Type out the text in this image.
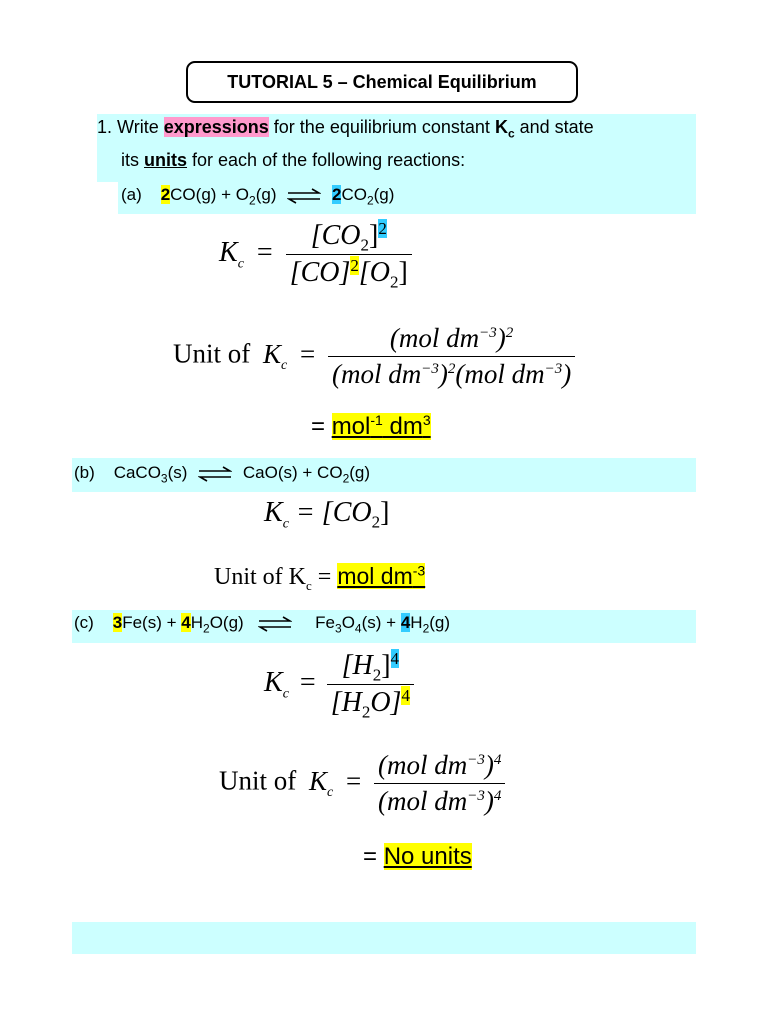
TUTORIAL 5 – Chemical Equilibrium
1. Write expressions for the equilibrium constant $K_c$ and state
its units for each of the following reactions:
(a) $2CO(g) + O_2(g)$	$2CO_2(g)$
$K_c = \frac{[CO_2]^2}{[CO]^2[O_2]}$
Unit of $K_c = \frac{(mol dm^{-3})^2}{(mol dm^{-3})^2(mol dm^{-3})}$
= mol$^{-1}$ $dm^3$
(b) CaCO$_3$(s)	$CaO(s) + CO_2(g)$
$K_c = [CO_2]$
Unit of $K_c$ = mol $dm^{-3}$
(c) $3Fe(s) + 4H_2O(g)$	$Fe_3O_4(s) + 4H_2(g)$
$K_c = \frac{[H_2]^4}{[H_2O]^4}$
Unit of $K_c = \frac{(mol dm^{-3})^4}{(mol dm^{-3})^4}$
= No units
